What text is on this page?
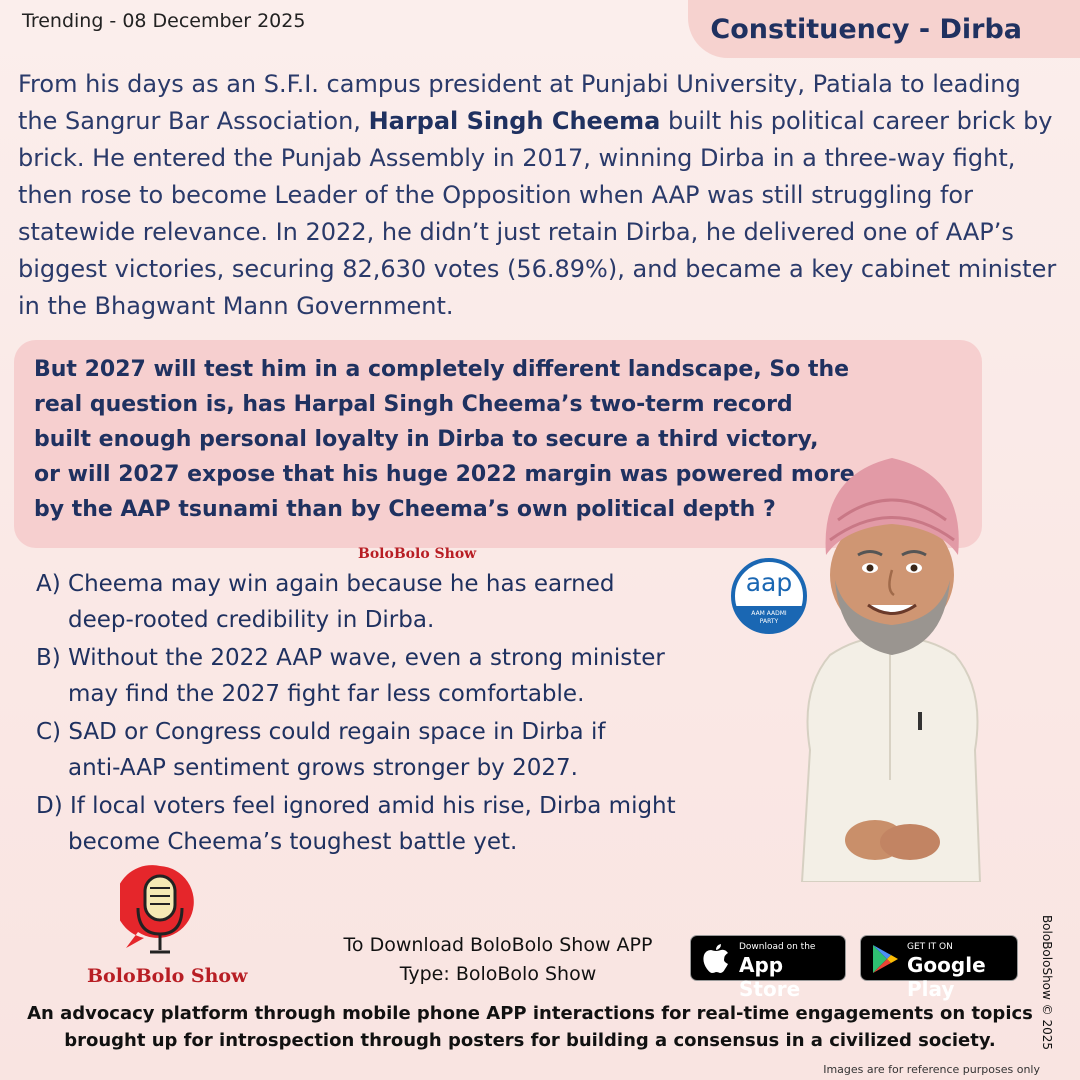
Trending - 08 December 2025	Constituency - Dirba

From his days as an S.F.I. campus president at Punjabi University, Patiala to leading the Sangrur Bar Association, Harpal Singh Cheema built his political career brick by brick. He entered the Punjab Assembly in 2017, winning Dirba in a three-way fight, then rose to become Leader of the Opposition when AAP was still struggling for statewide relevance. In 2022, he didn’t just retain Dirba, he delivered one of AAP’s biggest victories, securing 82,630 votes (56.89%), and became a key cabinet minister in the Bhagwant Mann Government.

But 2027 will test him in a completely different landscape, So the
real question is, has Harpal Singh Cheema’s two-term record
built enough personal loyalty in Dirba to secure a third victory,
or will 2027 expose that his huge 2022 margin was powered more
by the AAP tsunami than by Cheema’s own political depth ?
BoloBolo Show
A) Cheema may win again because he has earned
deep-rooted credibility in Dirba.
B) Without the 2022 AAP wave, even a strong minister
may find the 2027 fight far less comfortable.
C) SAD or Congress could regain space in Dirba if
anti-AAP sentiment grows stronger by 2027.
D) If local voters feel ignored amid his rise, Dirba might
become Cheema’s toughest battle yet.
aap
AAM AADMI
PARTY
BoloBolo Show
To Download BoloBolo Show APP
Type: BoloBolo Show
Download on the
App Store
GET IT ON
Google Play
An advocacy platform through mobile phone APP interactions for real-time engagements on topics
brought up for introspection through posters for building a consensus in a civilized society.	BoloBoloShow © 2025
Images are for reference purposes only
